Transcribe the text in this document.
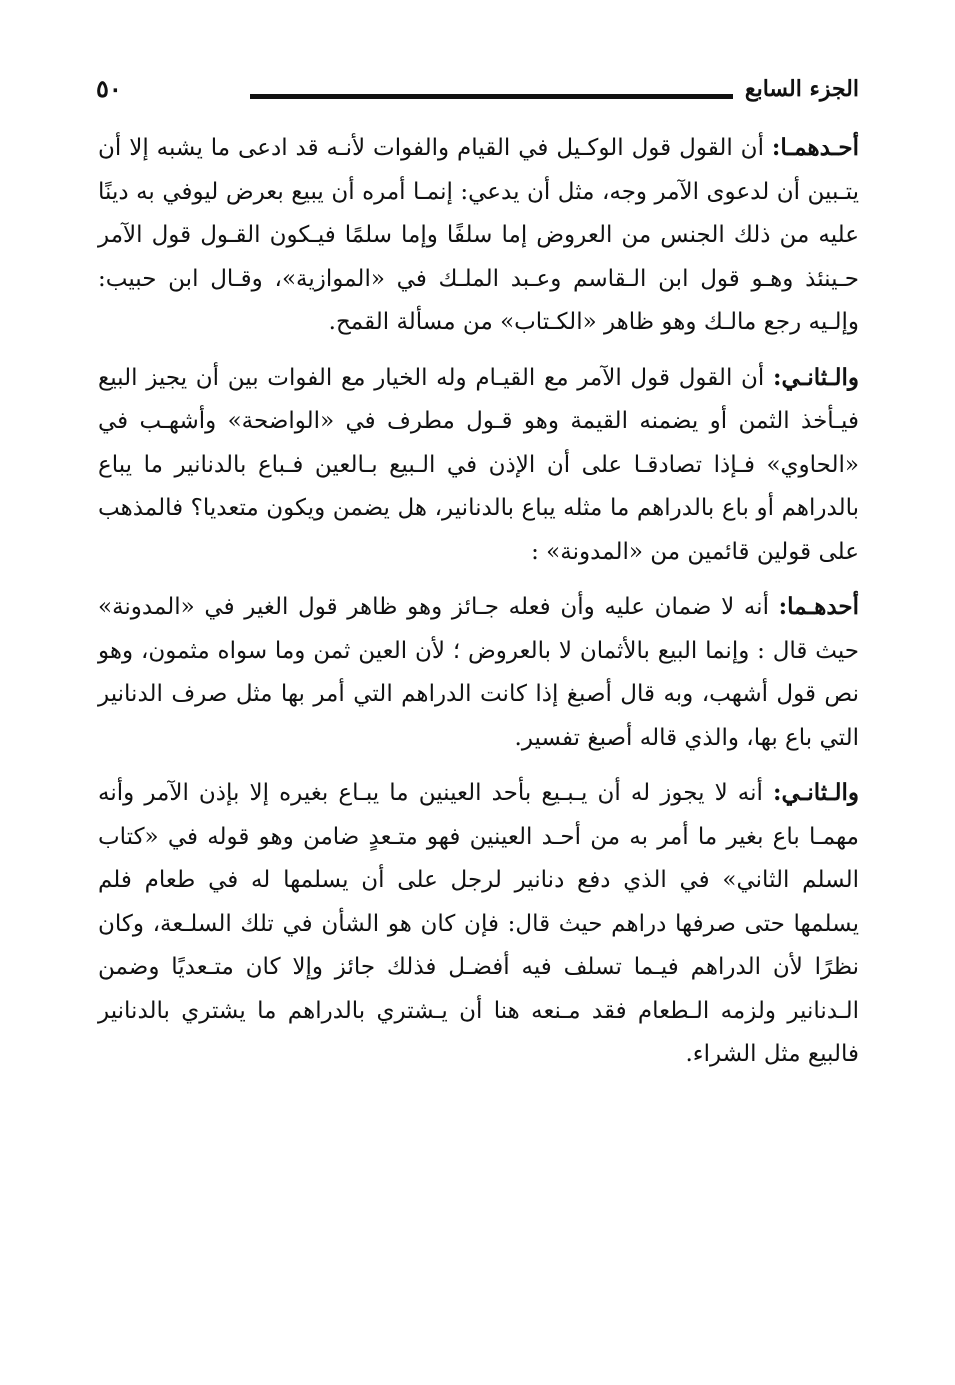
الجزء السابع
٥٠

أحـدهمـا: أن القول قول الوكـيل في القيام والفوات لأنـه قد ادعى ما يشبه إلا أن يتـبين أن لدعوى الآمر وجه، مثل أن يدعي: إنمـا أمره أن يبيع بعرض ليوفي به دينًا عليه من ذلك الجنس من العروض إما سلفًا وإما سلمًا فيـكون القـول قول الآمر حـينئذ وهـو قول ابن الـقاسم وعـبد الملـك في «الموازية»، وقـال ابن حبيب: وإلـيه رجع مالـك وهو ظاهر «الكـتاب» من مسألة القمح.

والـثانـي: أن القول قول الآمر مع القيـام وله الخيار مع الفوات بين أن يجيز البيع فيـأخذ الثمن أو يضمنه القيمة وهو قـول مطرف في «الواضحة» وأشهـب في «الحاوي» فـإذا تصادقـا على أن الإذن في الـبيع بـالعين فـباع بالدنانير ما يباع بالدراهم أو باع بالدراهم ما مثله يباع بالدنانير، هل يضمن ويكون متعديا؟ فالمذهب على قولين قائمين من «المدونة» :

أحدهـما: أنه لا ضمان عليه وأن فعله جـائز وهو ظاهر قول الغير في «المدونة» حيث قال : وإنما البيع بالأثمان لا بالعروض ؛ لأن العين ثمن وما سواه مثمون، وهو نص قول أشهب، وبه قال أصبغ إذا كانت الدراهم التي أمر بها مثل صرف الدنانير التي باع بها، والذي قاله أصبغ تفسير.

والـثانـي: أنه لا يجوز له أن يـبـيع بأحد العينين ما يبـاع بغيره إلا بإذن الآمر وأنه مهمـا باع بغير ما أمر به من أحـد العينين فهو متـعدٍ ضامن وهو قوله في «كتاب السلم الثاني» في الذي دفع دنانير لرجل على أن يسلمها له في طعام فلم يسلمها حتى صرفها دراهم حيث قال: فإن كان هو الشأن في تلك السلـعة، وكان نظرًا لأن الدراهم فيـما تسلف فيه أفضـل فذلك جائز وإلا كان متـعديًا وضمن الـدنانير ولزمه الـطعام فقد مـنعه هنا أن يـشتري بالدراهم ما يشتري بالدنانير فالبيع مثل الشراء.
